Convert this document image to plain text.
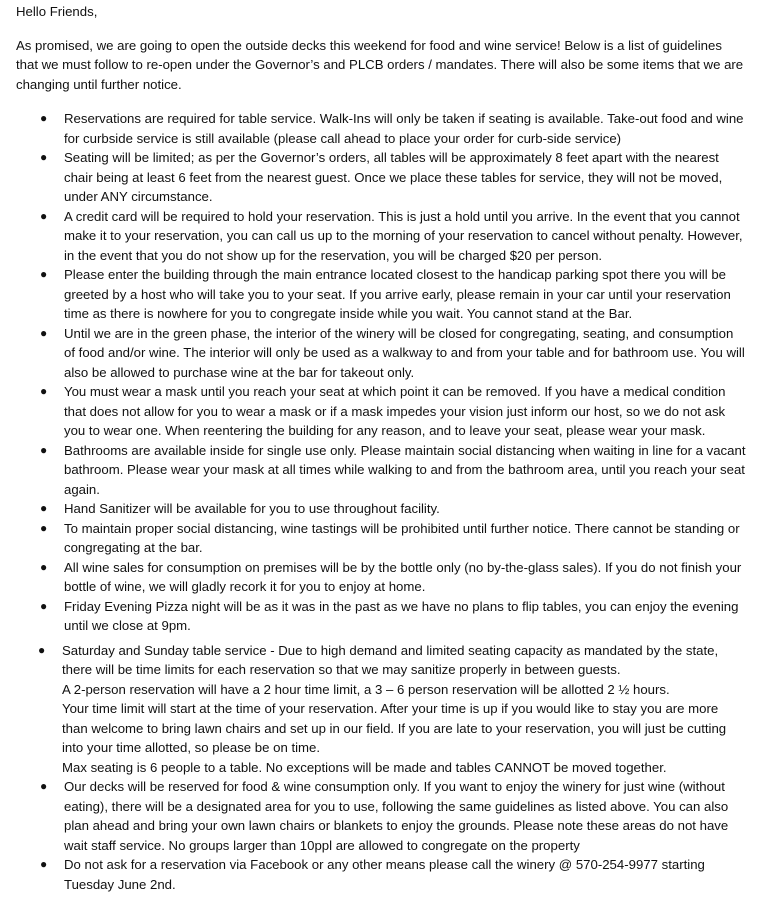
Hello Friends,

As promised, we are going to open the outside decks this weekend for food and wine service! Below is a list of guidelines that we must follow to re-open under the Governor’s and PLCB orders / mandates. There will also be some items that we are changing until further notice.

● Reservations are required for table service. Walk-Ins will only be taken if seating is available. Take-out food and wine for curbside service is still available (please call ahead to place your order for curb-side service)
● Seating will be limited; as per the Governor’s orders, all tables will be approximately 8 feet apart with the nearest chair being at least 6 feet from the nearest guest. Once we place these tables for service, they will not be moved, under ANY circumstance.
● A credit card will be required to hold your reservation. This is just a hold until you arrive. In the event that you cannot make it to your reservation, you can call us up to the morning of your reservation to cancel without penalty. However, in the event that you do not show up for the reservation, you will be charged $20 per person.
● Please enter the building through the main entrance located closest to the handicap parking spot there you will be greeted by a host who will take you to your seat. If you arrive early, please remain in your car until your reservation time as there is nowhere for you to congregate inside while you wait. You cannot stand at the Bar.
● Until we are in the green phase, the interior of the winery will be closed for congregating, seating, and consumption of food and/or wine. The interior will only be used as a walkway to and from your table and for bathroom use. You will also be allowed to purchase wine at the bar for takeout only.
● You must wear a mask until you reach your seat at which point it can be removed. If you have a medical condition that does not allow for you to wear a mask or if a mask impedes your vision just inform our host, so we do not ask you to wear one. When reentering the building for any reason, and to leave your seat, please wear your mask.
● Bathrooms are available inside for single use only. Please maintain social distancing when waiting in line for a vacant bathroom. Please wear your mask at all times while walking to and from the bathroom area, until you reach your seat again.
● Hand Sanitizer will be available for you to use throughout facility.
● To maintain proper social distancing, wine tastings will be prohibited until further notice. There cannot be standing or congregating at the bar.
● All wine sales for consumption on premises will be by the bottle only (no by-the-glass sales). If you do not finish your bottle of wine, we will gladly recork it for you to enjoy at home.
● Friday Evening Pizza night will be as it was in the past as we have no plans to flip tables, you can enjoy the evening until we close at 9pm.
● Saturday and Sunday table service - Due to high demand and limited seating capacity as mandated by the state, there will be time limits for each reservation so that we may sanitize properly in between guests.
A 2-person reservation will have a 2 hour time limit, a 3 – 6 person reservation will be allotted 2 ½ hours.
Your time limit will start at the time of your reservation. After your time is up if you would like to stay you are more than welcome to bring lawn chairs and set up in our field. If you are late to your reservation, you will just be cutting into your time allotted, so please be on time.
Max seating is 6 people to a table. No exceptions will be made and tables CANNOT be moved together.
● Our decks will be reserved for food & wine consumption only. If you want to enjoy the winery for just wine (without eating), there will be a designated area for you to use, following the same guidelines as listed above. You can also plan ahead and bring your own lawn chairs or blankets to enjoy the grounds. Please note these areas do not have wait staff service. No groups larger than 10ppl are allowed to congregate on the property
● Do not ask for a reservation via Facebook or any other means please call the winery @ 570-254-9977 starting Tuesday June 2nd.
